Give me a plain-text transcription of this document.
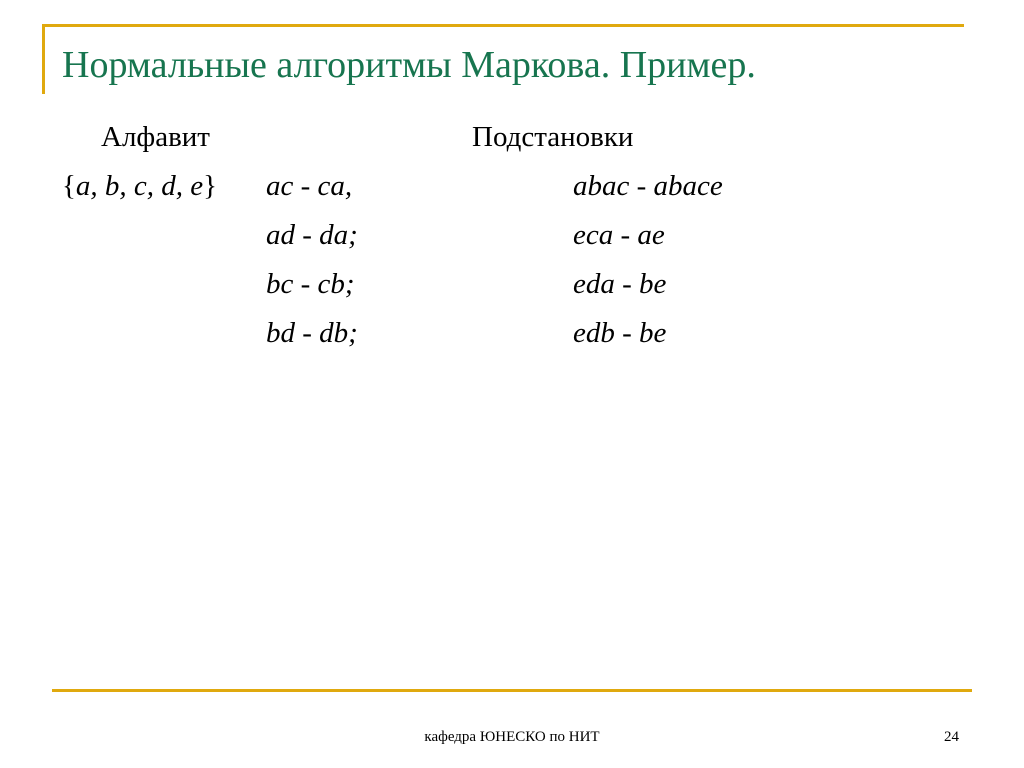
Нормальные алгоритмы Маркова. Пример.
Алфавит	Подстановки
{a, b, c, d, e} ac - ca,
ad - da;
bc - cb;
bd - db;
abac - abace
eca - ae
eda - be
edb - be
кафедра ЮНЕСКО по НИТ	24
